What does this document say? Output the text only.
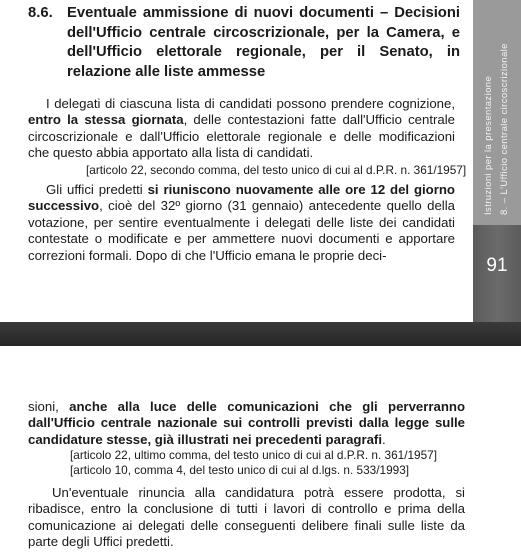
Istruzioni per la presentazione 8. – L'Ufficio centrale circoscrizionale
91
8.6. Eventuale ammissione di nuovi documenti – Decisioni dell'Ufficio centrale circoscrizionale, per la Camera, e dell'Ufficio elettorale regionale, per il Senato, in relazione alle liste ammesse
I delegati di ciascuna lista di candidati possono prendere cognizione, entro la stessa giornata, delle contestazioni fatte dall'Ufficio centrale circoscrizionale e dall'Ufficio elettorale regionale e delle modificazioni che questo abbia apportato alla lista di candidati.
[articolo 22, secondo comma, del testo unico di cui al d.P.R. n. 361/1957]
Gli uffici predetti si riuniscono nuovamente alle ore 12 del giorno successivo, cioè del 32º giorno (31 gennaio) antecedente quello della votazione, per sentire eventualmente i delegati delle liste dei candidati contestate o modificate e per ammettere nuovi documenti e apportare correzioni formali. Dopo di che l'Ufficio emana le proprie deci-
sioni, anche alla luce delle comunicazioni che gli perverranno dall'Ufficio centrale nazionale sui controlli previsti dalla legge sulle candidature stesse, già illustrati nei precedenti paragrafi.
[articolo 22, ultimo comma, del testo unico di cui al d.P.R. n. 361/1957]
[articolo 10, comma 4, del testo unico di cui al d.lgs. n. 533/1993]
Un'eventuale rinuncia alla candidatura potrà essere prodotta, si ribadisce, entro la conclusione di tutti i lavori di controllo e prima della comunicazione ai delegati delle conseguenti delibere finali sulle liste da parte degli Uffici predetti.
